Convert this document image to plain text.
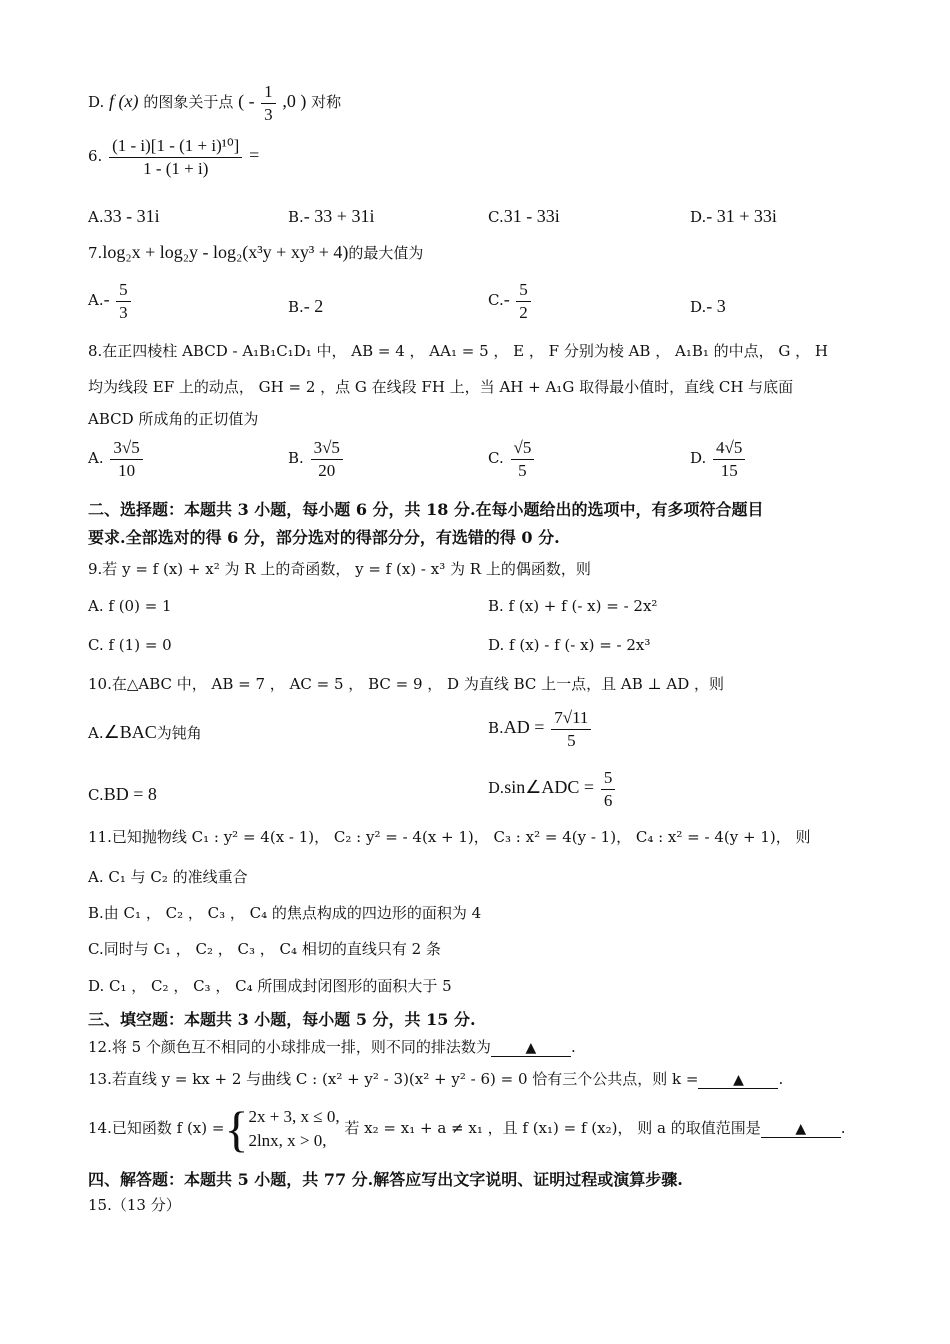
D. f (x) 的图象关于点 ( - $\frac{1}{3} ,0$ ) 对称
6. $\frac{\text{(1 - i)[1 - (1 + i)¹⁰]}}{1 - (1 + i)}$ =
A.33 - 31i	B.- 33 + 31i	C.31 - 33i	D.- 31 + 33i
7.log₂x + log₂y - log₂(x³y + xy³ + 4)的最大值为
$A.- \frac{5}{3}$	B.- 2	$C.- \frac{5}{2}$	D.- 3
8.在正四棱柱 ABCD - A₁B₁C₁D₁ 中， AB = 4 ， AA₁ = 5 ， E ， F 分别为棱 AB ， A₁B₁ 的中点， G ， H
均为线段 EF 上的动点， GH = 2 ，点 G 在线段 FH 上，当 AH + A₁G 取得最小值时，直线 CH 与底面
ABCD 所成角的正切值为
A. $\frac{3√5}{10}$	B. $\frac{3√5}{20}$	C. $\frac{√5}{5}$	D. $\frac{4√5}{15}$
二、选择题：本题共 3 小题，每小题 6 分，共 18 分.在每小题给出的选项中，有多项符合题目
要求.全部选对的得 6 分，部分选对的得部分分，有选错的得 0 分.
9.若 y = f (x) + x² 为 R 上的奇函数， y = f (x) - x³ 为 R 上的偶函数，则
A. f (0) = 1	B. f (x) + f (- x) = - 2x²
C. f (1) = 0	D. f (x) - f (- x) = - 2x³
10.在△ABC 中， AB = 7 ， AC = 5 ， BC = 9 ， D 为直线 BC 上一点，且 AB ⊥ AD ，则
A.∠BAC为钝角	$B.AD = \frac{7√11}{5}$
C.BD = 8	D.sin∠ADC = $\frac{5}{6}$
11.已知抛物线 C₁ : y² = 4(x - 1)， C₂ : y² = - 4(x + 1)， C₃ : x² = 4(y - 1)， C₄ : x² = - 4(y + 1)， 则
A. C₁ 与 C₂ 的准线重合
B.由 C₁ ， C₂ ， C₃ ， C₄ 的焦点构成的四边形的面积为 4
C.同时与 C₁ ， C₂ ， C₃ ， C₄ 相切的直线只有 2 条
D. C₁ ， C₂ ， C₃ ， C₄ 所围成封闭图形的面积大于 5
三、填空题：本题共 3 小题，每小题 5 分，共 15 分.
12.将 5 个颜色互不相同的小球排成一排，则不同的排法数为 ▲ .
13.若直线 y = kx + 2 与曲线 C : (x² + y² - 3)(x² + y² - 6) = 0 恰有三个公共点，则 k = ▲ .
14.已知函数 f (x) ={2x + 3, x ≤ 0,
2lnx, x > 0, 若 x₂ = x₁ + a ≠ x₁ ，且 f (x₁) = f (x₂)， 则 a 的取值范围是 ▲ .
四、解答题：本题共 5 小题，共 77 分.解答应写出文字说明、证明过程或演算步骤.
15.（13 分）
